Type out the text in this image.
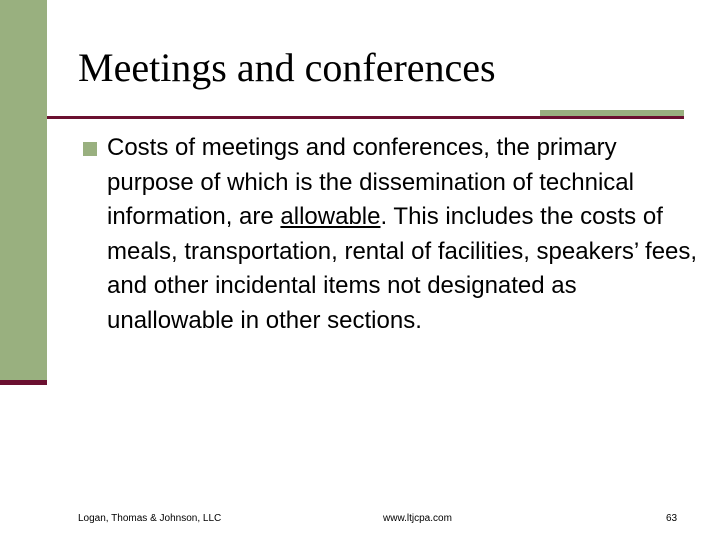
Meetings and conferences

Costs of meetings and conferences, the primary purpose of which is the dissemination of technical information, are allowable. This includes the costs of meals, transportation, rental of facilities, speakers’ fees, and other incidental items not designated as unallowable in other sections.

Logan, Thomas & Johnson, LLC	www.ltjcpa.com	63
